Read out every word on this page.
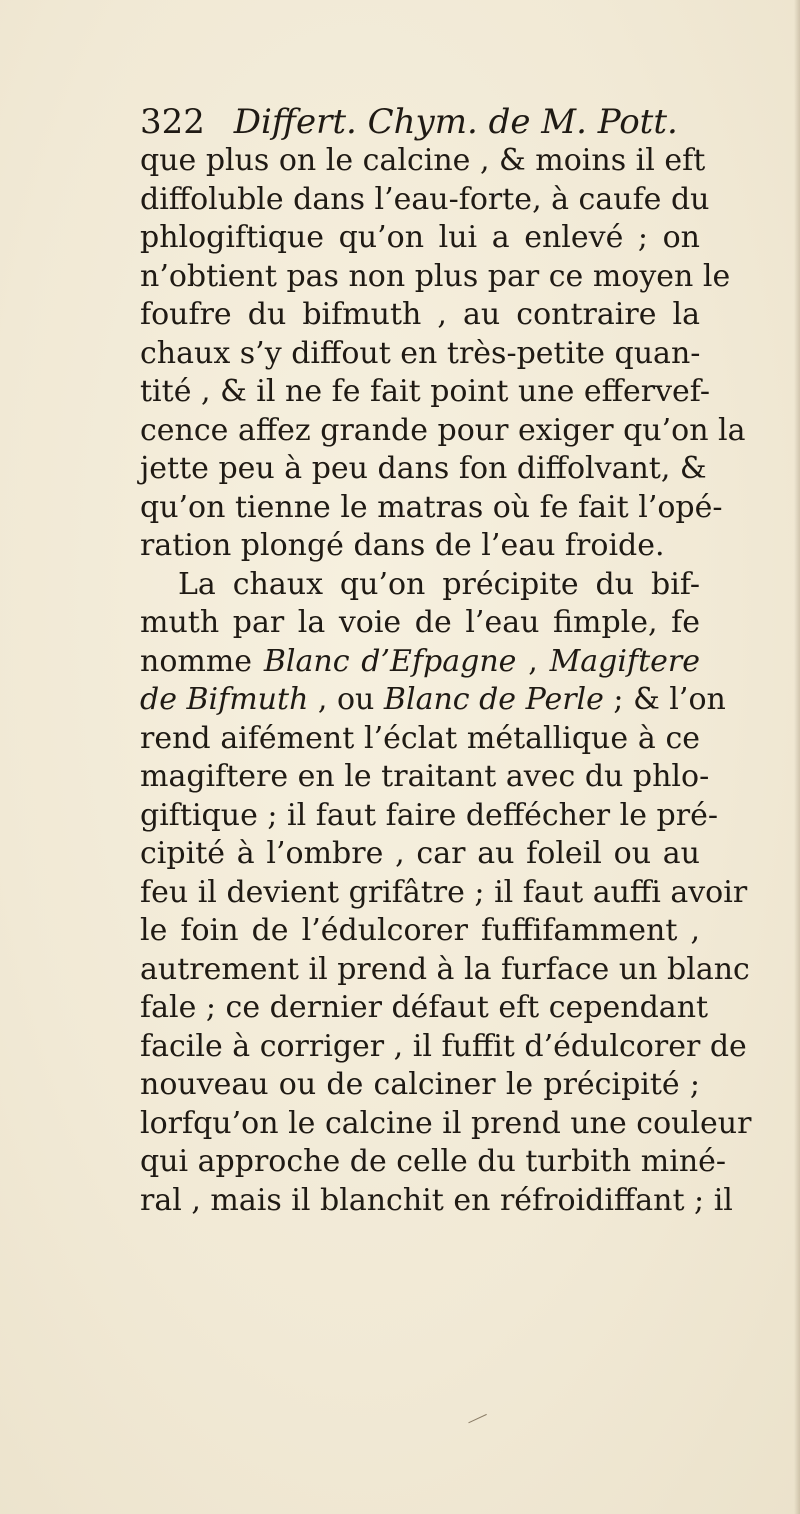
322 Differt. Chym. de M. Pott.
que plus on le calcine , & moins il eft
diffoluble dans l’eau-forte, à caufe du
phlogiftique qu’on lui a enlevé ; on
n’obtient pas non plus par ce moyen le
foufre du bifmuth , au contraire la
chaux s’y diffout en très-petite quan-
tité , & il ne fe fait point une effervef-
cence affez grande pour exiger qu’on la
jette peu à peu dans fon diffolvant, &
qu’on tienne le matras où fe fait l’opé-
ration plongé dans de l’eau froide.
La chaux qu’on précipite du bif-
muth par la voie de l’eau fimple, fe
nomme Blanc d’Efpagne , Magiftere
de Bifmuth , ou Blanc de Perle ; & l’on
rend aifément l’éclat métallique à ce
magiftere en le traitant avec du phlo-
giftique ; il faut faire deffécher le pré-
cipité à l’ombre , car au foleil ou au
feu il devient grifâtre ; il faut auffi avoir
le foin de l’édulcorer fuffifamment ,
autrement il prend à la furface un blanc
fale ; ce dernier défaut eft cependant
facile à corriger , il fuffit d’édulcorer de
nouveau ou de calciner le précipité ;
lorfqu’on le calcine il prend une couleur
qui approche de celle du turbith miné-
ral , mais il blanchit en réfroidiffant ; il
